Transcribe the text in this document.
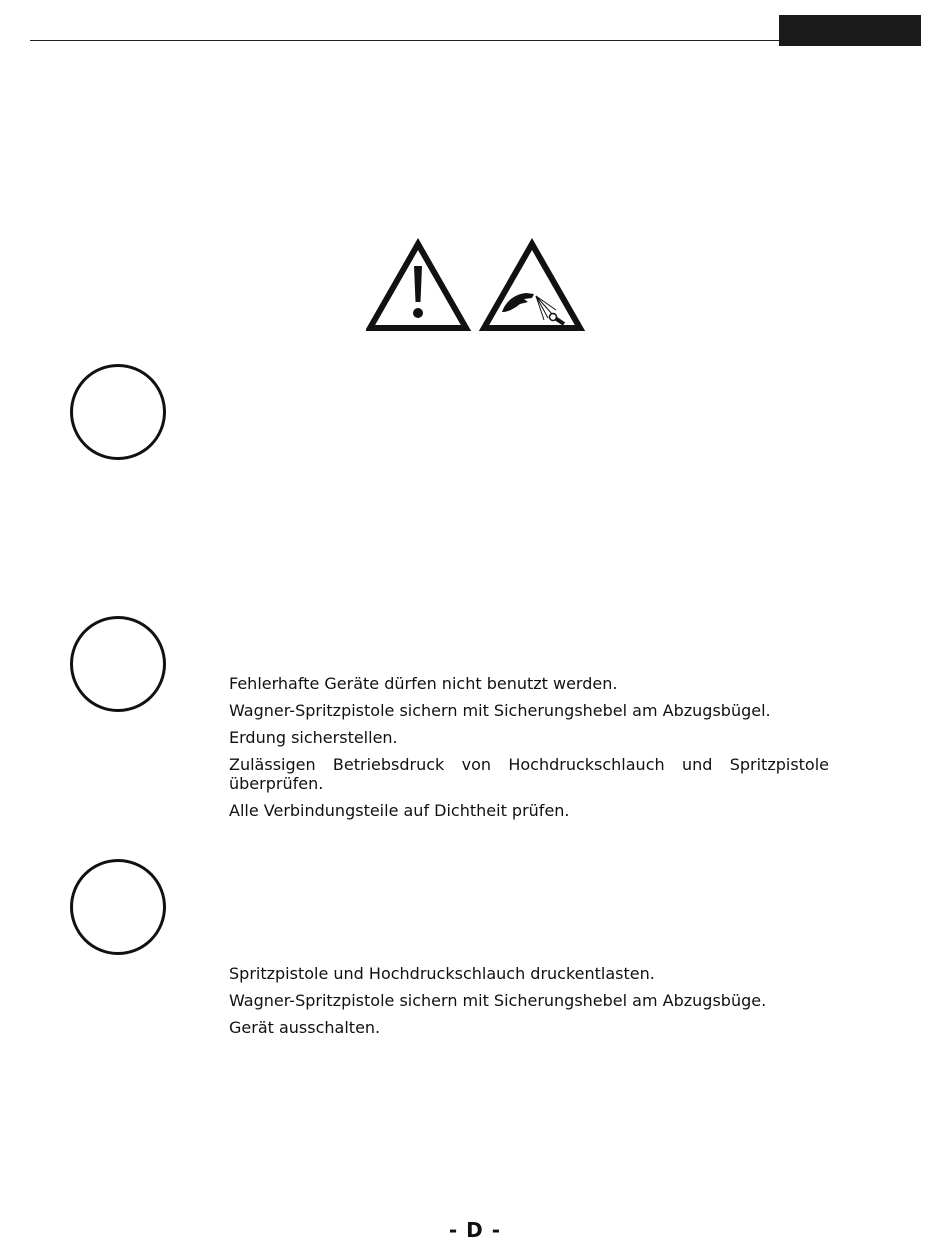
Fehlerhafte Geräte dürfen nicht benutzt werden.
Wagner-Spritzpistole sichern mit Sicherungshebel am Abzugsbügel.
Erdung sicherstellen.
Zulässigen Betriebsdruck von Hochdruckschlauch und Spritzpistole überprüfen.
Alle Verbindungsteile auf Dichtheit prüfen.
Spritzpistole und Hochdruckschlauch druckentlasten.
Wagner-Spritzpistole sichern mit Sicherungshebel am Abzugsbüge.
Gerät ausschalten.
- D -
